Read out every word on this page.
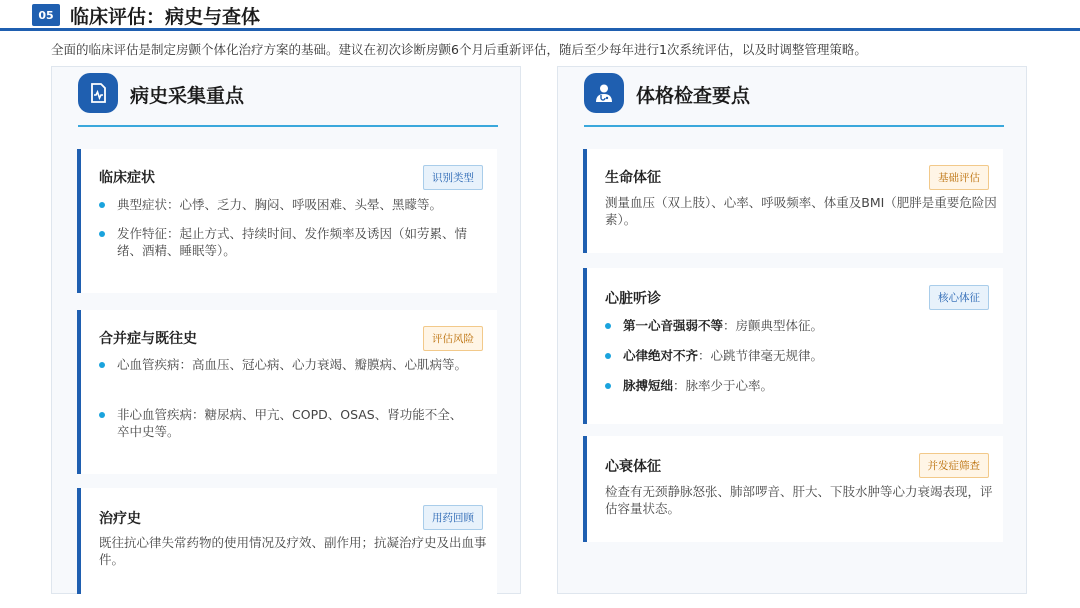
05 临床评估：病史与查体
全面的临床评估是制定房颤个体化治疗方案的基础。建议在初次诊断房颤6个月后重新评估，随后至少每年进行1次系统评估，以及时调整管理策略。
病史采集重点
临床症状	识别类型
典型症状：心悸、乏力、胸闷、呼吸困难、头晕、黑矇等。
发作特征：起止方式、持续时间、发作频率及诱因（如劳累、情绪、酒精、睡眠等）。
合并症与既往史	评估风险
心血管疾病：高血压、冠心病、心力衰竭、瓣膜病、心肌病等。
非心血管疾病：糖尿病、甲亢、COPD、OSAS、肾功能不全、卒中史等。
治疗史	用药回顾
既往抗心律失常药物的使用情况及疗效、副作用；抗凝治疗史及出血事件。
体格检查要点
生命体征	基础评估
测量血压（双上肢）、心率、呼吸频率、体重及BMI（肥胖是重要危险因素）。
心脏听诊	核心体征
第一心音强弱不等：房颤典型体征。
心律绝对不齐：心跳节律毫无规律。
脉搏短绌：脉率少于心率。
心衰体征	并发症筛查
检查有无颈静脉怒张、肺部啰音、肝大、下肢水肿等心力衰竭表现，评估容量状态。
